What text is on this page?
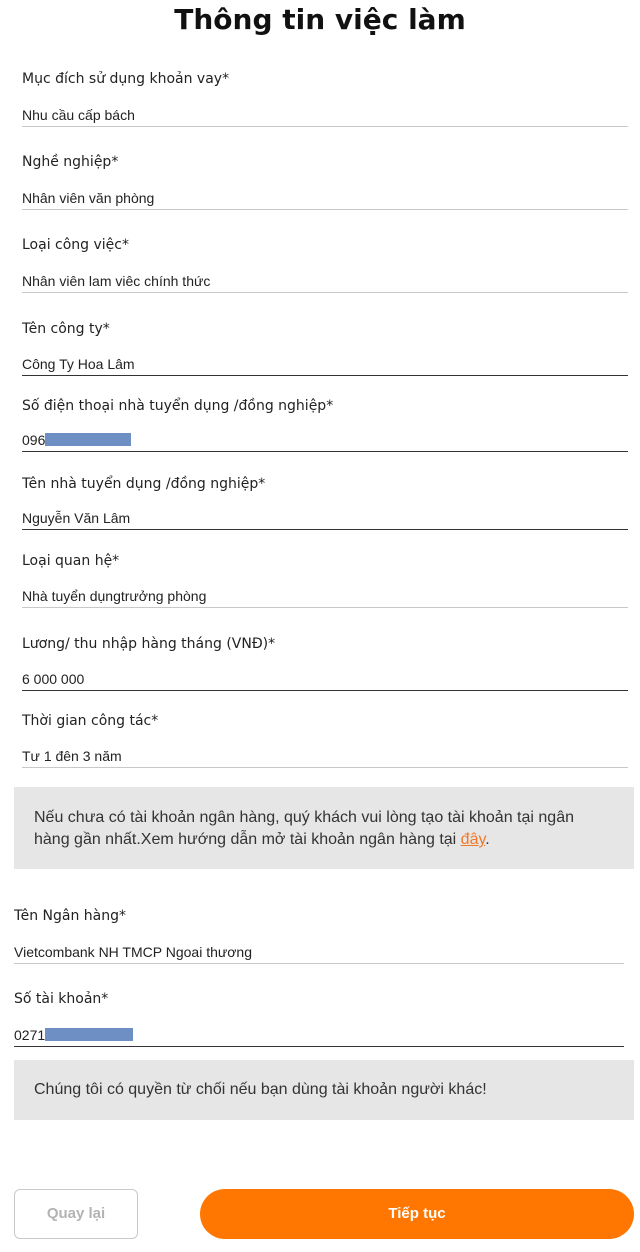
Thông tin việc làm
Mục đích sử dụng khoản vay*
Nhu cầu cấp bách
Nghề nghiệp*
Nhân viên văn phòng
Loại công việc*
Nhân viên lam viêc chính thức
Tên công ty*
Công Ty Hoa Lâm
Số điện thoại nhà tuyển dụng /đồng nghiệp*
096
Tên nhà tuyển dụng /đồng nghiệp*
Nguyễn Văn Lâm
Loại quan hệ*
Nhà tuyển dụngtrưởng phòng
Lương/ thu nhập hàng tháng (VNĐ)*
6 000 000
Thời gian công tác*
Tư 1 đên 3 năm
Nếu chưa có tài khoản ngân hàng, quý khách vui lòng tạo tài khoản tại ngân hàng gần nhất.Xem hướng dẫn mở tài khoản ngân hàng tại đây.
Tên Ngân hàng*
Vietcombank NH TMCP Ngoai thương
Số tài khoản*
0271
Chúng tôi có quyền từ chối nếu bạn dùng tài khoản người khác!
Quay lại	Tiếp tục
